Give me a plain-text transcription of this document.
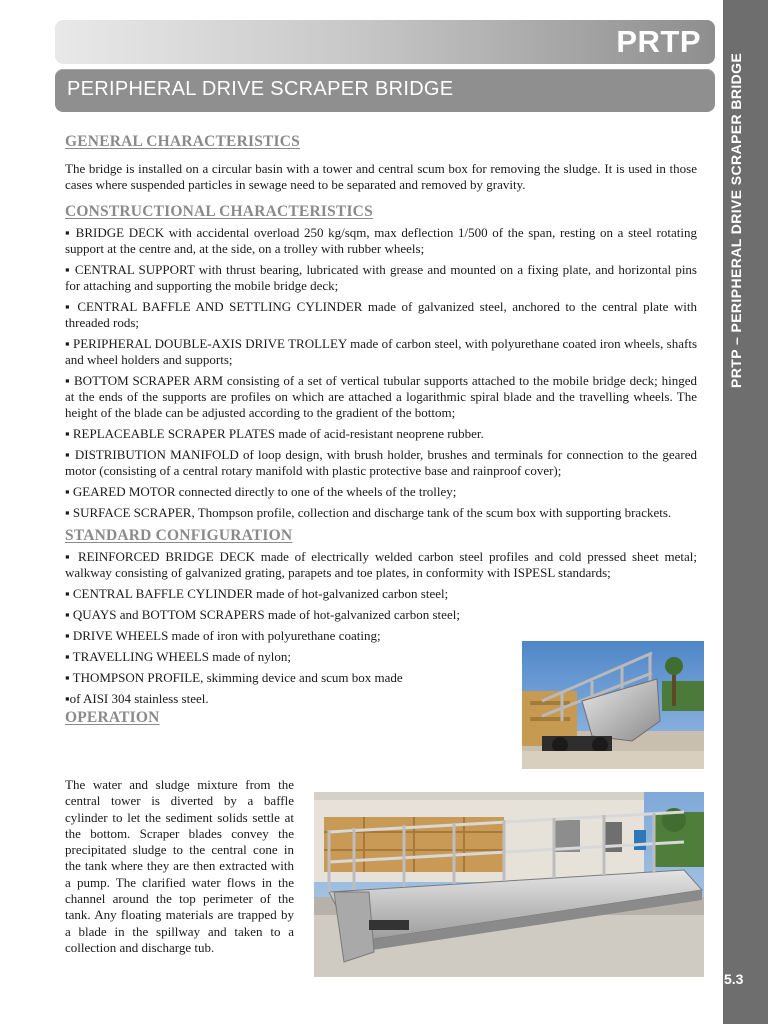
PRTP
PERIPHERAL DRIVE SCRAPER BRIDGE	PRTP – PERIPHERAL DRIVE SCRAPER BRIDGE
5.3
GENERAL CHARACTERISTICS

The bridge is installed on a circular basin with a tower and central scum box for removing the sludge. It is used in those cases where suspended particles in sewage need to be separated and removed by gravity.

CONSTRUCTIONAL CHARACTERISTICS

▪ BRIDGE DECK with accidental overload 250 kg/sqm, max deflection 1/500 of the span, resting on a steel rotating support at the centre and, at the side, on a trolley with rubber wheels;

▪ CENTRAL SUPPORT with thrust bearing, lubricated with grease and mounted on a fixing plate, and horizontal pins for attaching and supporting the mobile bridge deck;

▪ CENTRAL BAFFLE AND SETTLING CYLINDER made of galvanized steel, anchored to the central plate with threaded rods;

▪ PERIPHERAL DOUBLE-AXIS DRIVE TROLLEY made of carbon steel, with polyurethane coated iron wheels, shafts and wheel holders and supports;

▪ BOTTOM SCRAPER ARM consisting of a set of vertical tubular supports attached to the mobile bridge deck; hinged at the ends of the supports are profiles on which are attached a logarithmic spiral blade and the travelling wheels. The height of the blade can be adjusted according to the gradient of the bottom;

▪ REPLACEABLE SCRAPER PLATES made of acid-resistant neoprene rubber.

▪ DISTRIBUTION MANIFOLD of loop design, with brush holder, brushes and terminals for connection to the geared motor (consisting of a central rotary manifold with plastic protective base and rainproof cover);

▪ GEARED MOTOR connected directly to one of the wheels of the trolley;

▪ SURFACE SCRAPER, Thompson profile, collection and discharge tank of the scum box with supporting brackets.

STANDARD CONFIGURATION

▪ REINFORCED BRIDGE DECK made of electrically welded carbon steel profiles and cold pressed sheet metal; walkway consisting of galvanized grating, parapets and toe plates, in conformity with ISPESL standards;

▪ CENTRAL BAFFLE CYLINDER made of hot-galvanized carbon steel;

▪ QUAYS and BOTTOM SCRAPERS made of hot-galvanized carbon steel;

▪ DRIVE WHEELS made of iron with polyurethane coating;

▪ TRAVELLING WHEELS made of nylon;

▪ THOMPSON PROFILE, skimming device and scum box made

▪of AISI 304 stainless steel.

OPERATION

The water and sludge mixture from the central tower is diverted by a baffle cylinder to let the sediment solids settle at the bottom. Scraper blades convey the precipitated sludge to the central cone in the tank where they are then extracted with a pump. The clarified water flows in the channel around the top perimeter of the tank. Any floating materials are trapped by a blade in the spillway and taken to a collection and discharge tub.
